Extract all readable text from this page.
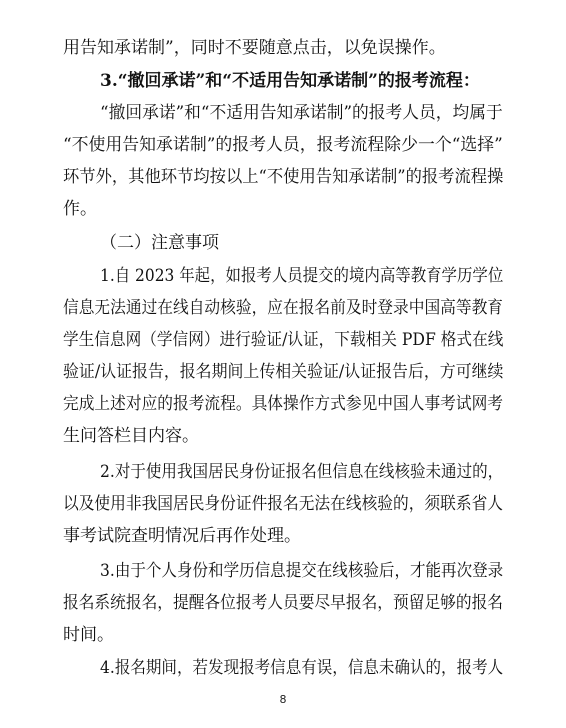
用告知承诺制”，同时不要随意点击，以免误操作。
3.“撤回承诺”和“不适用告知承诺制”的报考流程：
“撤回承诺”和“不适用告知承诺制”的报考人员，均属于
“不使用告知承诺制”的报考人员，报考流程除少一个“选择”
环节外，其他环节均按以上“不使用告知承诺制”的报考流程操
作。
（二）注意事项
1.自 2023 年起，如报考人员提交的境内高等教育学历学位
信息无法通过在线自动核验，应在报名前及时登录中国高等教育
学生信息网（学信网）进行验证/认证，下载相关 PDF 格式在线
验证/认证报告，报名期间上传相关验证/认证报告后，方可继续
完成上述对应的报考流程。具体操作方式参见中国人事考试网考
生问答栏目内容。
2.对于使用我国居民身份证报名但信息在线核验未通过的，
以及使用非我国居民身份证件报名无法在线核验的，须联系省人
事考试院查明情况后再作处理。
3.由于个人身份和学历信息提交在线核验后，才能再次登录
报名系统报名，提醒各位报考人员要尽早报名，预留足够的报名
时间。
4.报名期间，若发现报考信息有误，信息未确认的，报考人
8
